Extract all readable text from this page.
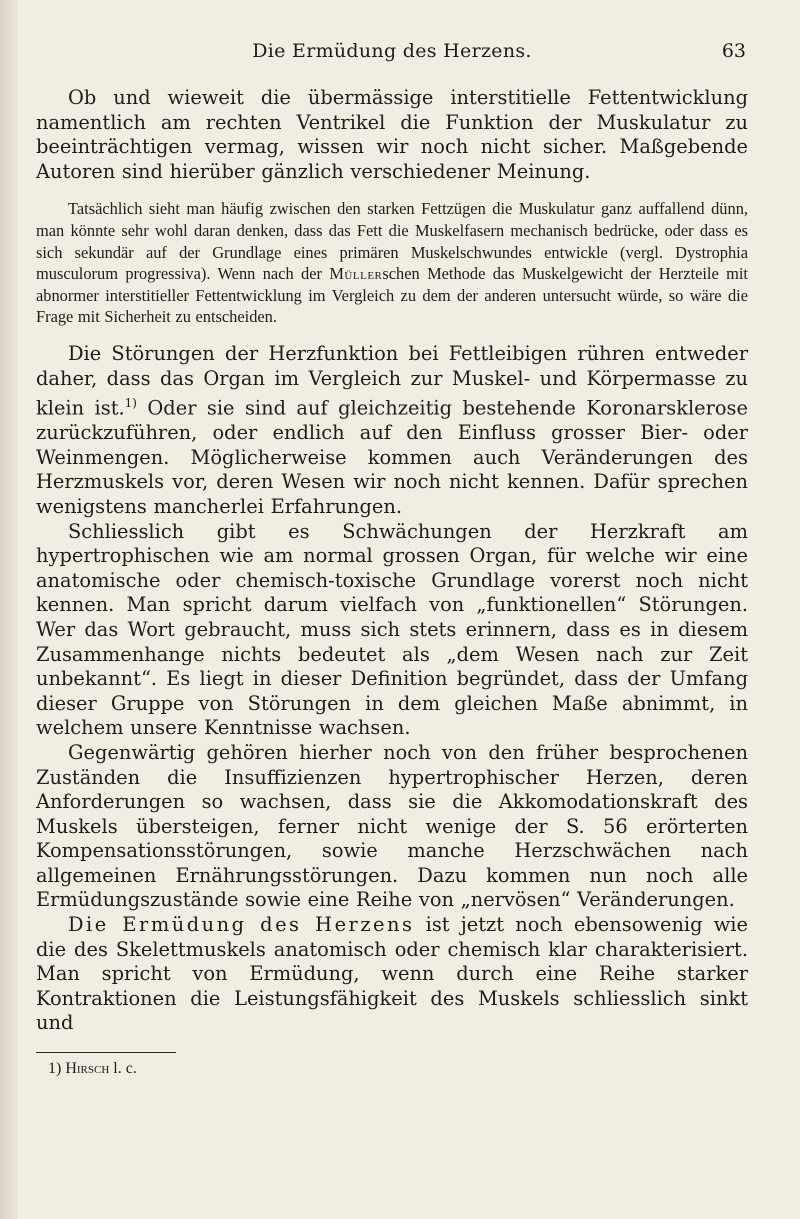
Die Ermüdung des Herzens.	63

Ob und wieweit die übermässige interstitielle Fettentwicklung namentlich am rechten Ventrikel die Funktion der Muskulatur zu beeinträchtigen vermag, wissen wir noch nicht sicher. Maßgebende Autoren sind hierüber gänzlich verschiedener Meinung.

Tatsächlich sieht man häufig zwischen den starken Fettzügen die Muskulatur ganz auffallend dünn, man könnte sehr wohl daran denken, dass das Fett die Muskelfasern mechanisch bedrücke, oder dass es sich sekundär auf der Grundlage eines primären Muskelschwundes entwickle (vergl. Dystrophia musculorum progressiva). Wenn nach der Müllerschen Methode das Muskelgewicht der Herzteile mit abnormer interstitieller Fettentwicklung im Vergleich zu dem der anderen untersucht würde, so wäre die Frage mit Sicherheit zu entscheiden.

Die Störungen der Herzfunktion bei Fettleibigen rühren entweder daher, dass das Organ im Vergleich zur Muskel- und Körpermasse zu klein ist.$^{1)}$ Oder sie sind auf gleichzeitig bestehende Koronarsklerose zurückzuführen, oder endlich auf den Einfluss grosser Bier- oder Weinmengen. Möglicherweise kommen auch Veränderungen des Herzmuskels vor, deren Wesen wir noch nicht kennen. Dafür sprechen wenigstens mancherlei Erfahrungen.

Schliesslich gibt es Schwächungen der Herzkraft am hypertrophischen wie am normal grossen Organ, für welche wir eine anatomische oder chemisch-toxische Grundlage vorerst noch nicht kennen. Man spricht darum vielfach von „funktionellen“ Störungen. Wer das Wort gebraucht, muss sich stets erinnern, dass es in diesem Zusammenhange nichts bedeutet als „dem Wesen nach zur Zeit unbekannt“. Es liegt in dieser Definition begründet, dass der Umfang dieser Gruppe von Störungen in dem gleichen Maße abnimmt, in welchem unsere Kenntnisse wachsen.

Gegenwärtig gehören hierher noch von den früher besprochenen Zuständen die Insuffizienzen hypertrophischer Herzen, deren Anforderungen so wachsen, dass sie die Akkomodationskraft des Muskels übersteigen, ferner nicht wenige der S. 56 erörterten Kompensationsstörungen, sowie manche Herzschwächen nach allgemeinen Ernährungsstörungen. Dazu kommen nun noch alle Ermüdungszustände sowie eine Reihe von „nervösen“ Veränderungen.

Die Ermüdung des Herzens ist jetzt noch ebensowenig wie die des Skelettmuskels anatomisch oder chemisch klar charakterisiert. Man spricht von Ermüdung, wenn durch eine Reihe starker Kontraktionen die Leistungsfähigkeit des Muskels schliesslich sinkt und

1) Hirsch l. c.
